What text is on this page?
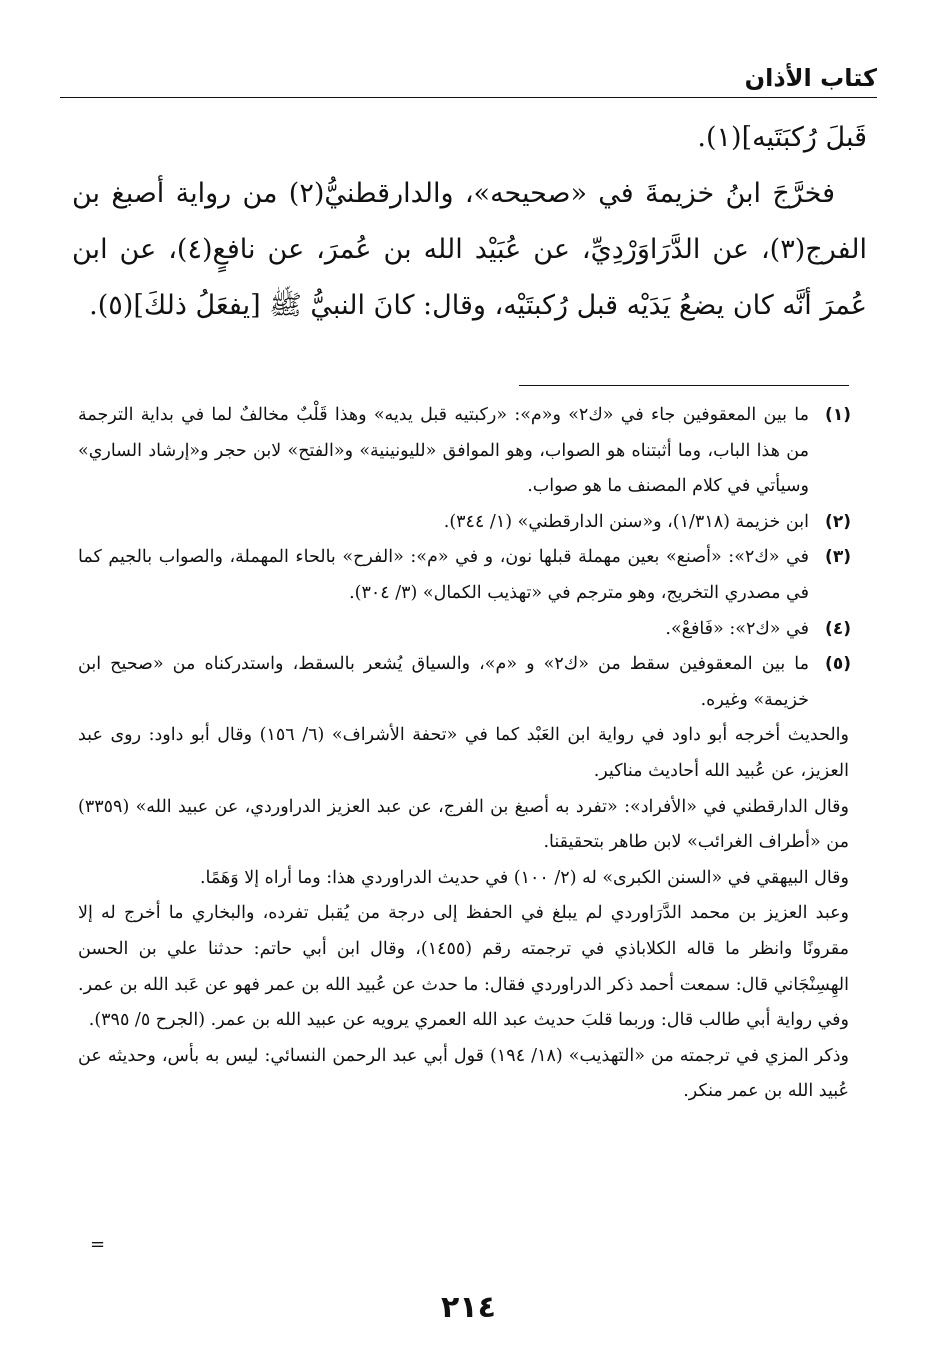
كتاب الأذان

قَبلَ رُكبَتَيه](١).

فخرَّجَ ابنُ خزيمةَ في «صحيحه»، والدارقطنيُّ(٢) من رواية أصبغ بن الفرج(٣)، عن الدَّرَاوَرْدِيِّ، عن عُبَيْد الله بن عُمرَ، عن نافعٍ(٤)، عن ابن عُمرَ أنَّه كان يضعُ يَدَيْه قبل رُكبتَيْه، وقال: كانَ النبيُّ ﷺ [يفعَلُ ذلكَ](٥).

(١)
ما بين المعقوفين جاء في «ك٢» و«م»: «ركبتيه قبل يديه» وهذا قَلْبٌ مخالفٌ لما في بداية الترجمة من هذا الباب، وما أثبتناه هو الصواب، وهو الموافق «لليونينية» و«الفتح» لابن حجر و«إرشاد الساري» وسيأتي في كلام المصنف ما هو صواب.
(٢)
ابن خزيمة (١/٣١٨)، و«سنن الدارقطني» (١/ ٣٤٤).
(٣)
في «ك٢»: «أصنع» بعين مهملة قبلها نون، و في «م»: «الفرح» بالحاء المهملة، والصواب بالجيم كما في مصدري التخريج، وهو مترجم في «تهذيب الكمال» (٣/ ٣٠٤).
(٤)
في «ك٢»: «فَافعْ».
(٥)
ما بين المعقوفين سقط من «ك٢» و «م»، والسياق يُشعر بالسقط، واستدركناه من «صحيح ابن خزيمة» وغيره.

والحديث أخرجه أبو داود في رواية ابن العَبْد كما في «تحفة الأشراف» (٦/ ١٥٦) وقال أبو داود: روى عبد العزيز، عن عُبيد الله أحاديث مناكير.

وقال الدارقطني في «الأفراد»: «تفرد به أصبغ بن الفرج، عن عبد العزيز الدراوردي، عن عبيد الله» (٣٣٥٩) من «أطراف الغرائب» لابن طاهر بتحقيقنا.

وقال البيهقي في «السنن الكبرى» له (٢/ ١٠٠) في حديث الدراوردي هذا: وما أراه إلا وَهَمًا.

وعبد العزيز بن محمد الدَّرَاوردي لم يبلغ في الحفظ إلى درجة من يُقبل تفرده، والبخاري ما أخرج له إلا مقرونًا وانظر ما قاله الكلاباذي في ترجمته رقم (١٤٥٥)، وقال ابن أبي حاتم: حدثنا علي بن الحسن الهِسِنْجَاني قال: سمعت أحمد ذكر الدراوردي فقال: ما حدث عن عُبيد الله بن عمر فهو عن عَبد الله بن عمر. وفي رواية أبي طالب قال: وربما قلبَ حديث عبد الله العمري يرويه عن عبيد الله بن عمر. (الجرح ٥/ ٣٩٥).

وذكر المزي في ترجمته من «التهذيب» (١٨/ ١٩٤) قول أبي عبد الرحمن النسائي: ليس به بأس، وحديثه عن عُبيد الله بن عمر منكر.

=
٢١٤
